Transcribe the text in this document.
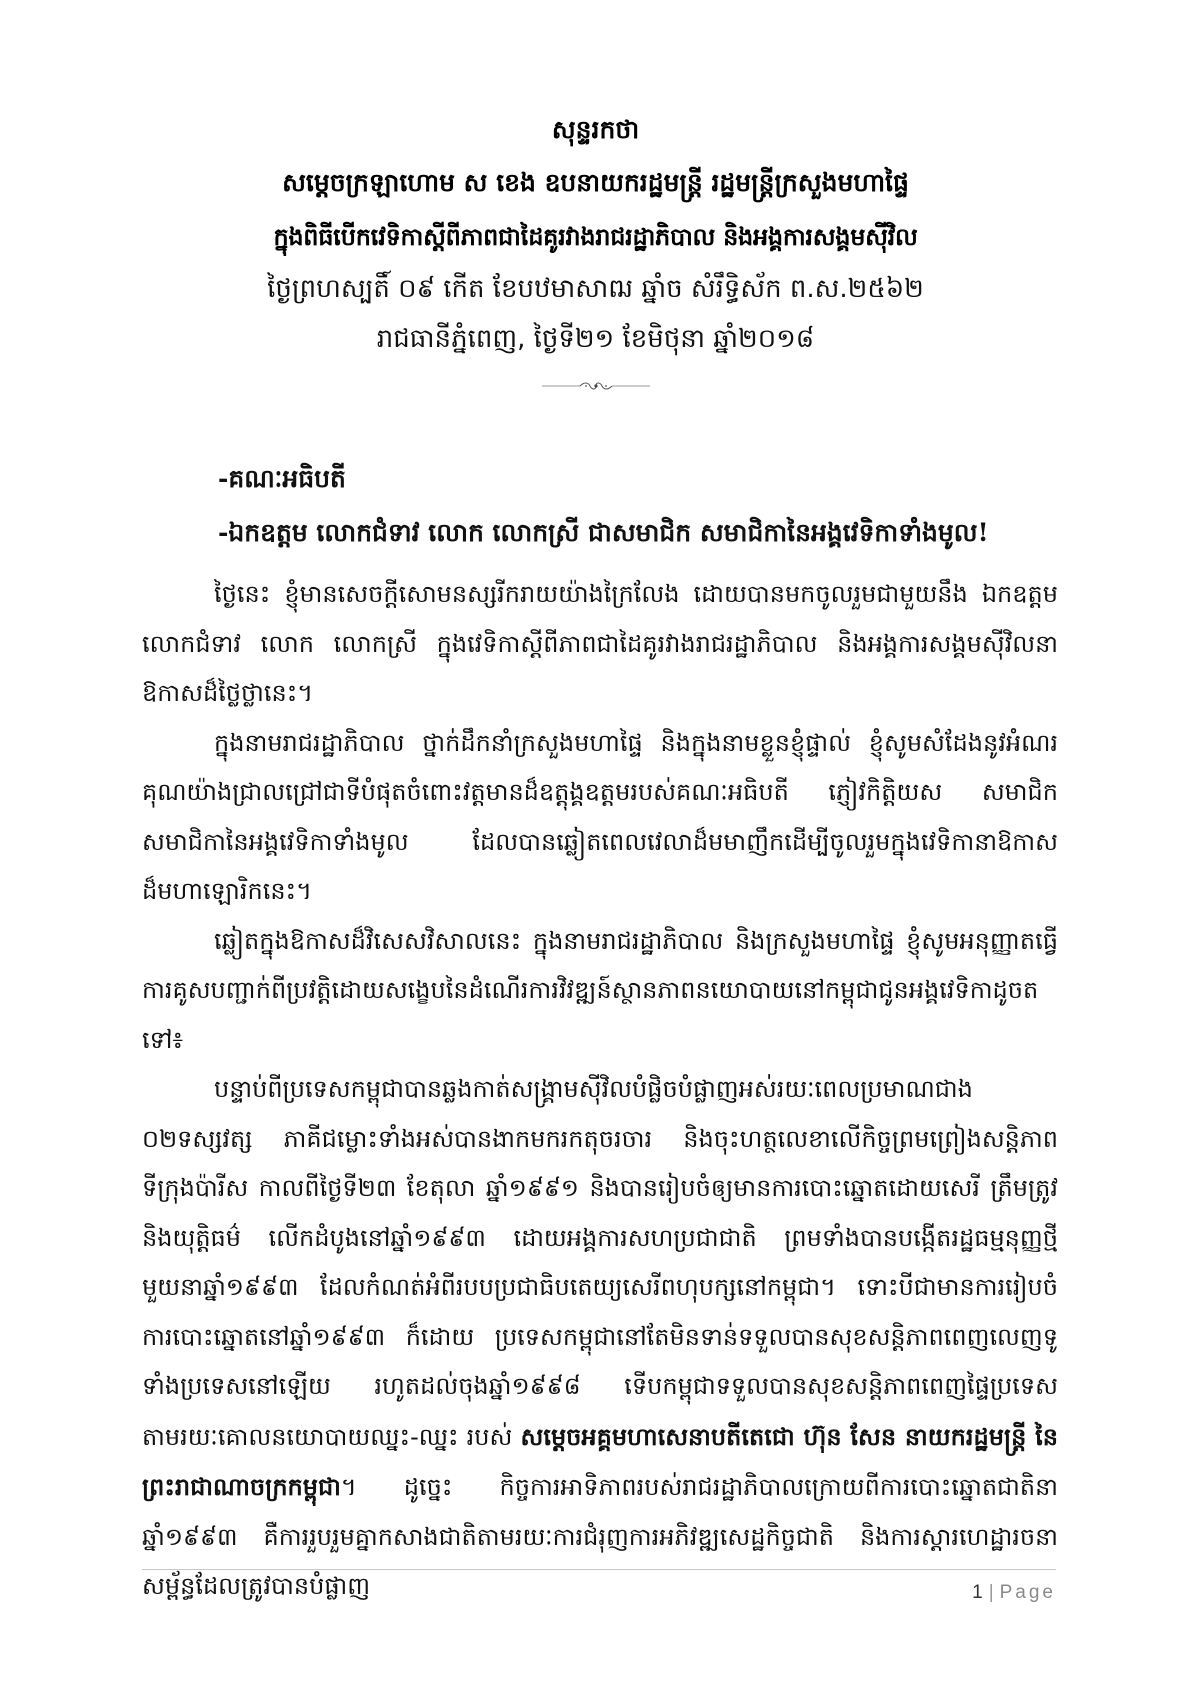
សុន្ទរកថា
សម្តេចក្រឡាហោម ស ខេង ឧបនាយករដ្ឋមន្ត្រី រដ្ឋមន្ត្រីក្រសួងមហាផ្ទៃ
ក្នុងពិធីបើកវេទិកាស្តីពីភាពជាដៃគូរវាងរាជរដ្ឋាភិបាល និងអង្គការសង្គមស៊ីវិល
ថ្ងៃព្រហស្បតិ៍ ០៩ កើត ខែបឋមាសាឍ ឆ្នាំច សំរឹទ្ធិស័ក ព.ស.២៥៦២
រាជធានីភ្នំពេញ, ថ្ងៃទី២១ ខែមិថុនា ឆ្នាំ២០១៨
-គណៈអធិបតី
-ឯកឧត្តម លោកជំទាវ លោក លោកស្រី ជាសមាជិក សមាជិកានៃអង្គវេទិកាទាំងមូល!

ថ្ងៃនេះ ខ្ញុំមានសេចក្តីសោមនស្សរីករាយយ៉ាងក្រៃលែង ដោយបានមកចូលរួមជាមួយនឹង ឯកឧត្តម លោកជំទាវ លោក លោកស្រី ក្នុងវេទិកាស្តីពីភាពជាដៃគូរវាងរាជរដ្ឋាភិបាល និងអង្គការសង្គមស៊ីវិលនាឱកាសដ៏ថ្លៃថ្លានេះ។

ក្នុងនាមរាជរដ្ឋាភិបាល ថ្នាក់ដឹកនាំក្រសួងមហាផ្ទៃ និងក្នុងនាមខ្លួនខ្ញុំផ្ទាល់ ខ្ញុំសូមសំដែងនូវអំណរគុណយ៉ាងជ្រាលជ្រៅជាទីបំផុតចំពោះវត្តមានដ៏ឧត្តុង្គឧត្តមរបស់គណៈអធិបតី ភ្ញៀវកិត្តិយស សមាជិក សមាជិកានៃអង្គវេទិកាទាំងមូល ដែលបានឆ្លៀតពេលវេលាដ៏មមាញឹកដើម្បីចូលរួមក្នុងវេទិកានាឱកាសដ៏មហាឡោរិកនេះ។

ឆ្លៀតក្នុងឱកាសដ៏វិសេសវិសាលនេះ ក្នុងនាមរាជរដ្ឋាភិបាល និងក្រសួងមហាផ្ទៃ ខ្ញុំសូមអនុញ្ញាតធ្វើការគូសបញ្ជាក់ពីប្រវត្តិដោយសង្ខេបនៃដំណើរការវិវឌ្ឍន៍ស្ថានភាពនយោបាយនៅកម្ពុជាជូនអង្គវេទិកាដូចតទៅ៖

បន្ទាប់ពីប្រទេសកម្ពុជាបានឆ្លងកាត់សង្គ្រាមស៊ីវិលបំផ្លិចបំផ្លាញអស់រយៈពេលប្រមាណជាង ០២ទស្សវត្ស ភាគីជម្លោះទាំងអស់បានងាកមករកតុចរចារ និងចុះហត្ថលេខាលើកិច្ចព្រមព្រៀងសន្តិភាពទីក្រុងប៉ារីស កាលពីថ្ងៃទី២៣ ខែតុលា ឆ្នាំ១៩៩១ និងបានរៀបចំឲ្យមានការបោះឆ្នោតដោយសេរី ត្រឹមត្រូវ និងយុត្តិធម៌ លើកដំបូងនៅឆ្នាំ១៩៩៣ ដោយអង្គការសហប្រជាជាតិ ព្រមទាំងបានបង្កើតរដ្ឋធម្មនុញ្ញថ្មីមួយនាឆ្នាំ១៩៩៣ ដែលកំណត់អំពីរបបប្រជាធិបតេយ្យសេរីពហុបក្សនៅកម្ពុជា។ ទោះបីជាមានការរៀបចំការបោះឆ្នោតនៅឆ្នាំ១៩៩៣ ក៏ដោយ ប្រទេសកម្ពុជានៅតែមិនទាន់ទទួលបានសុខសន្តិភាពពេញលេញទូទាំងប្រទេសនៅឡើយ រហូតដល់ចុងឆ្នាំ១៩៩៨ ទើបកម្ពុជាទទួលបានសុខសន្តិភាពពេញផ្ទៃប្រទេស តាមរយៈគោលនយោបាយឈ្នះ-ឈ្នះ របស់ សម្តេចអគ្គមហាសេនាបតីតេជោ ហ៊ុន សែន នាយករដ្ឋមន្ត្រី នៃព្រះរាជាណាចក្រកម្ពុជា។ ដូច្នេះ កិច្ចការអាទិភាពរបស់រាជរដ្ឋាភិបាលក្រោយពីការបោះឆ្នោតជាតិនាឆ្នាំ១៩៩៣ គឺការរួបរួមគ្នាកសាងជាតិតាមរយៈការជំរុញការអភិវឌ្ឍសេដ្ឋកិច្ចជាតិ និងការស្តារហេដ្ឋារចនាសម្ព័ន្ធដែលត្រូវបានបំផ្លាញ	1 | Page
